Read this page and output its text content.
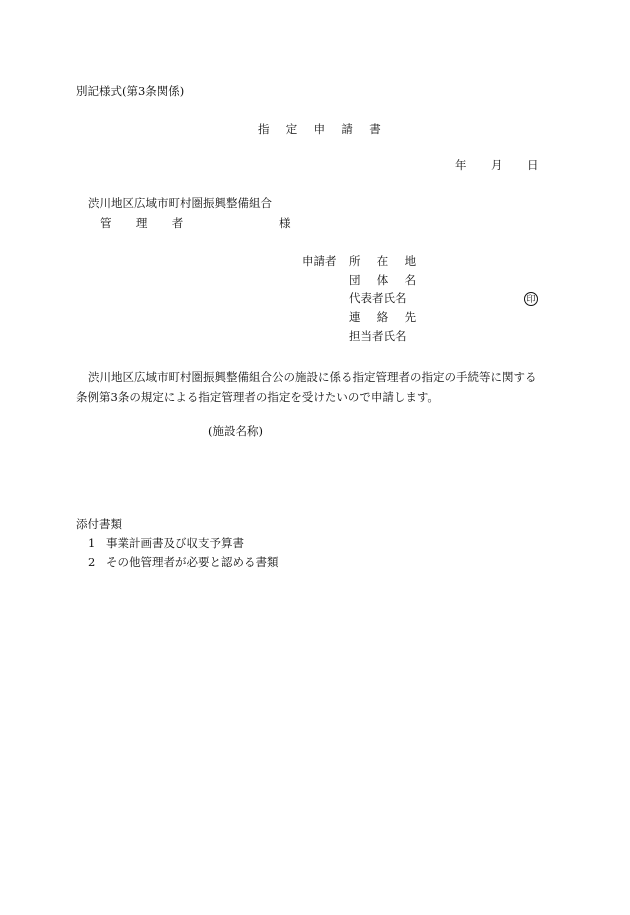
別記様式(第3条関係)
指 定 申 請 書
年 月 日
渋川地区広域市町村圏振興整備組合
管 理 者	様
申請者 所 在 地
団 体 名
代表者氏名	印
連 絡 先
担当者氏名
渋川地区広域市町村圏振興整備組合公の施設に係る指定管理者の指定の手続等に関する
条例第3条の規定による指定管理者の指定を受けたいので申請します。
(施設名称)
添付書類
1 事業計画書及び収支予算書
2 その他管理者が必要と認める書類
